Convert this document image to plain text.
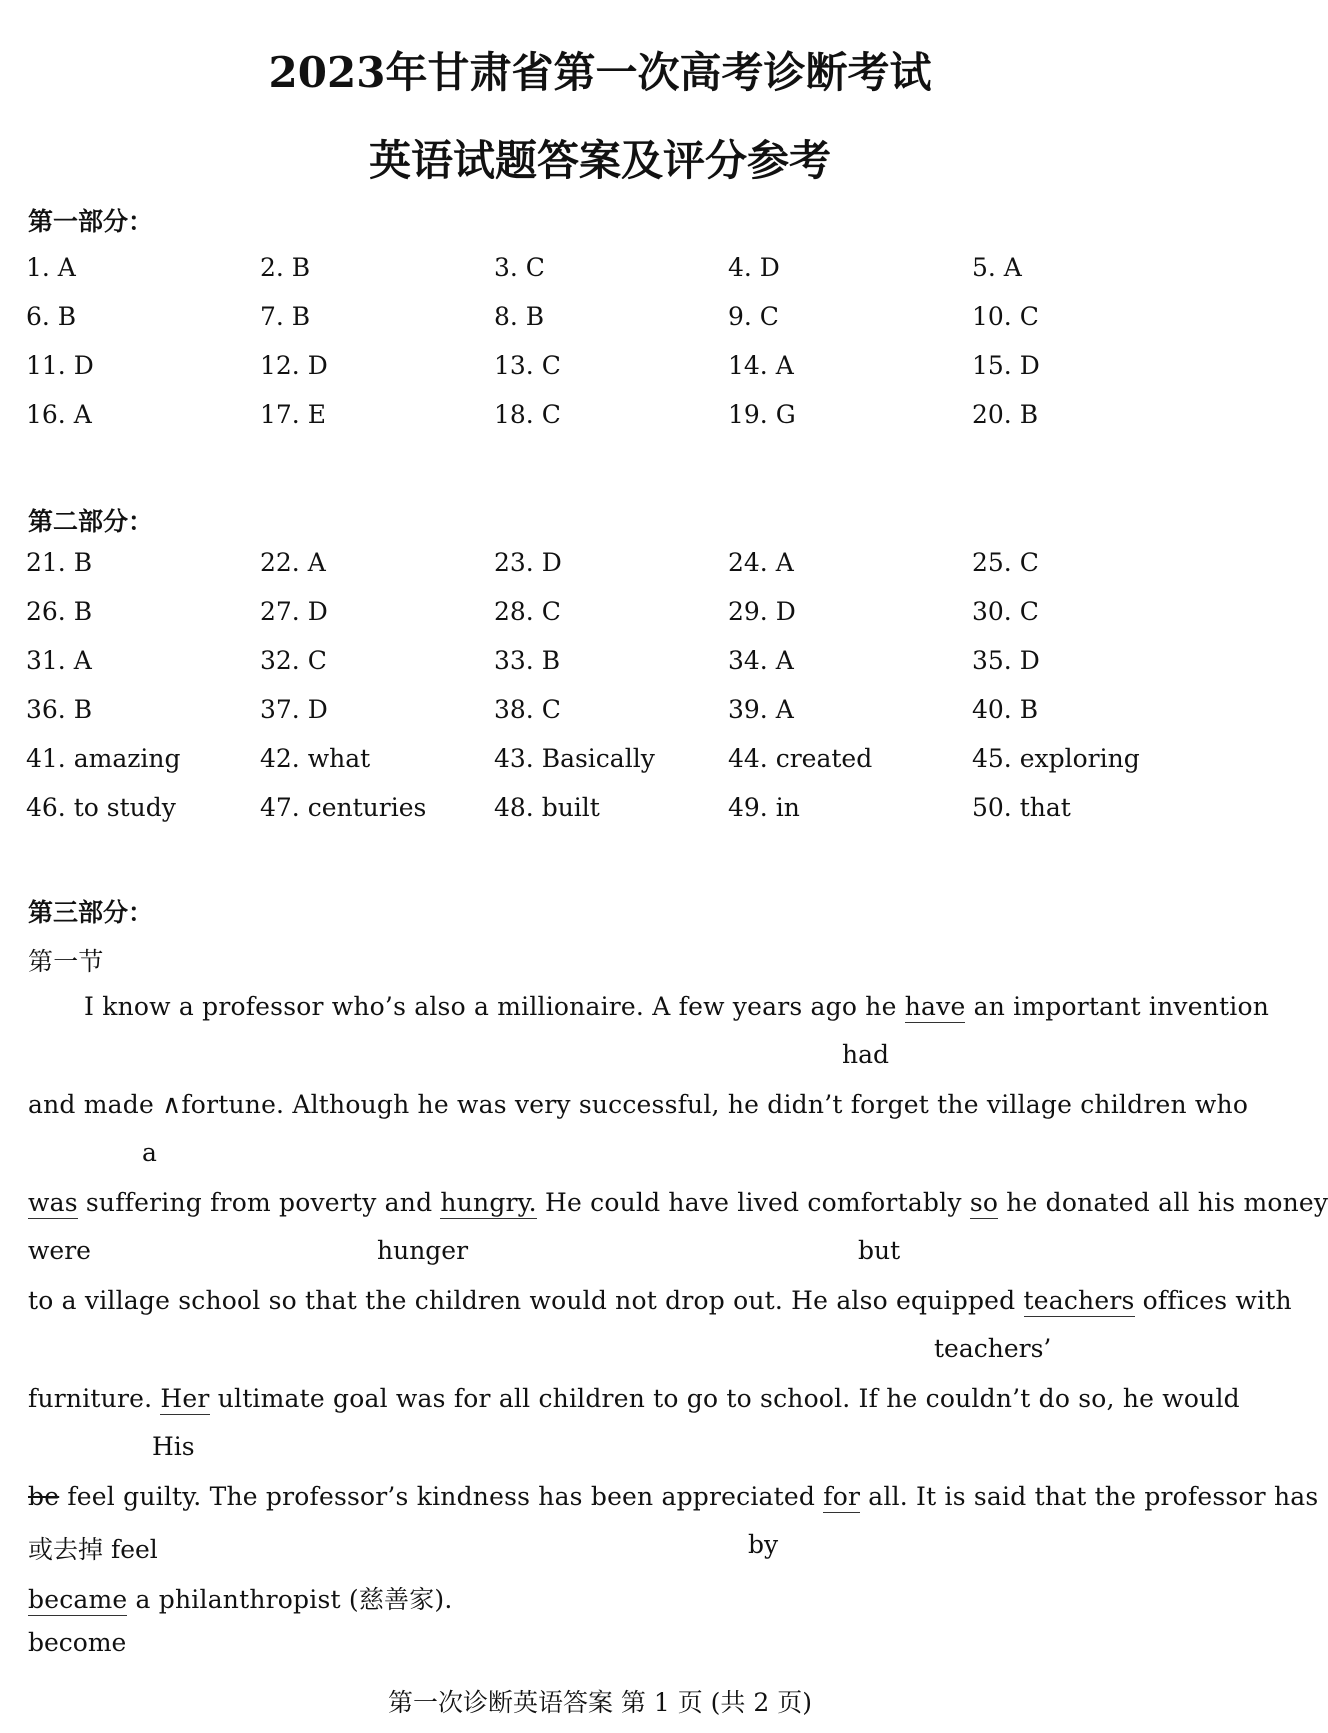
2023年甘肃省第一次高考诊断考试
英语试题答案及评分参考
第一部分：
1. A	2. B	3. C	4. D	5. A
6. B	7. B	8. B	9. C	10. C
11. D	12. D	13. C	14. A	15. D
16. A	17. E	18. C	19. G	20. B
第二部分：
21. B	22. A	23. D	24. A	25. C
26. B	27. D	28. C	29. D	30. C
31. A	32. C	33. B	34. A	35. D
36. B	37. D	38. C	39. A	40. B
41. amazing	42. what	43. Basically	44. created	45. exploring
46. to study	47. centuries	48. built	49. in	50. that
第三部分：
第一节
I know a professor who’s also a millionaire. A few years ago he have an important invention
had
and made ∧fortune. Although he was very successful, he didn’t forget the village children who
a
was suffering from poverty and hungry. He could have lived comfortably so he donated all his money
were	hunger	but
to a village school so that the children would not drop out. He also equipped teachers offices with
teachers’
furniture. Her ultimate goal was for all children to go to school. If he couldn’t do so, he would
His
be feel guilty. The professor’s kindness has been appreciated for all. It is said that the professor has
或去掉 feel	by
became a philanthropist (慈善家).
become
第一次诊断英语答案 第 1 页 (共 2 页)
